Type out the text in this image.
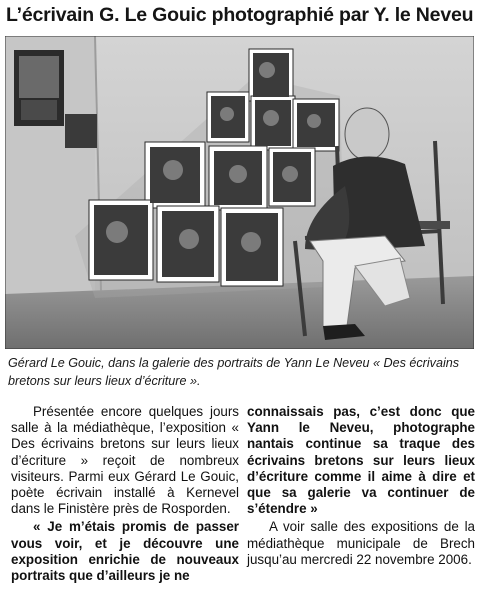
L’écrivain G. Le Gouic photographié par Y. le Neveu
Gérard Le Gouic, dans la galerie des portraits de Yann Le Neveu « Des écrivains bretons sur leurs lieux d’écriture ».

Présentée encore quelques jours salle à la médiathèque, l’exposition « Des écrivains bretons sur leurs lieux d’écriture » reçoit de nombreux visiteurs. Parmi eux Gérard Le Gouic, poète écrivain installé à Kernevel dans le Finistère près de Rosporden.

« Je m’étais promis de passer vous voir, et je découvre une exposition enrichie de nouveaux portraits que d’ailleurs je ne

connaissais pas, c’est donc que Yann le Neveu, photographe nantais continue sa traque des écrivains bretons sur leurs lieux d’écriture comme il aime à dire et que sa galerie va continuer de s’étendre »

A voir salle des expositions de la médiathèque municipale de Brech jusqu’au mercredi 22 novembre 2006.
